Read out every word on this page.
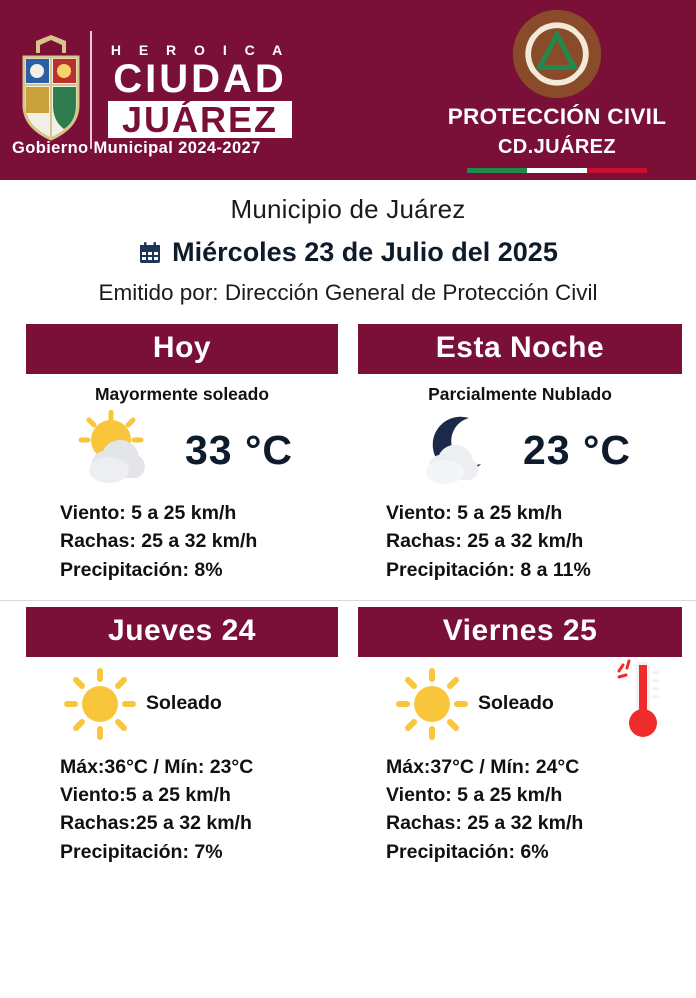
H E R O I C A
CIUDAD
JUÁREZ
Gobierno Municipal 2024-2027
PROTECCIÓN CIVIL
CD.JUÁREZ
Municipio de Juárez
Miércoles 23 de Julio del 2025
Emitido por: Dirección General de Protección Civil
Hoy
Mayormente soleado
33 °C
Viento: 5 a 25 km/h
Rachas: 25 a 32 km/h
Precipitación: 8%
Esta Noche
Parcialmente Nublado
23 °C
Viento: 5 a 25 km/h
Rachas: 25 a 32 km/h
Precipitación: 8 a 11%
Jueves 24
Soleado
Máx:36°C / Mín: 23°C
Viento:5 a 25 km/h
Rachas:25 a 32 km/h
Precipitación: 7%
Viernes 25
Soleado
Máx:37°C / Mín: 24°C
Viento: 5 a 25 km/h
Rachas: 25 a 32 km/h
Precipitación: 6%
